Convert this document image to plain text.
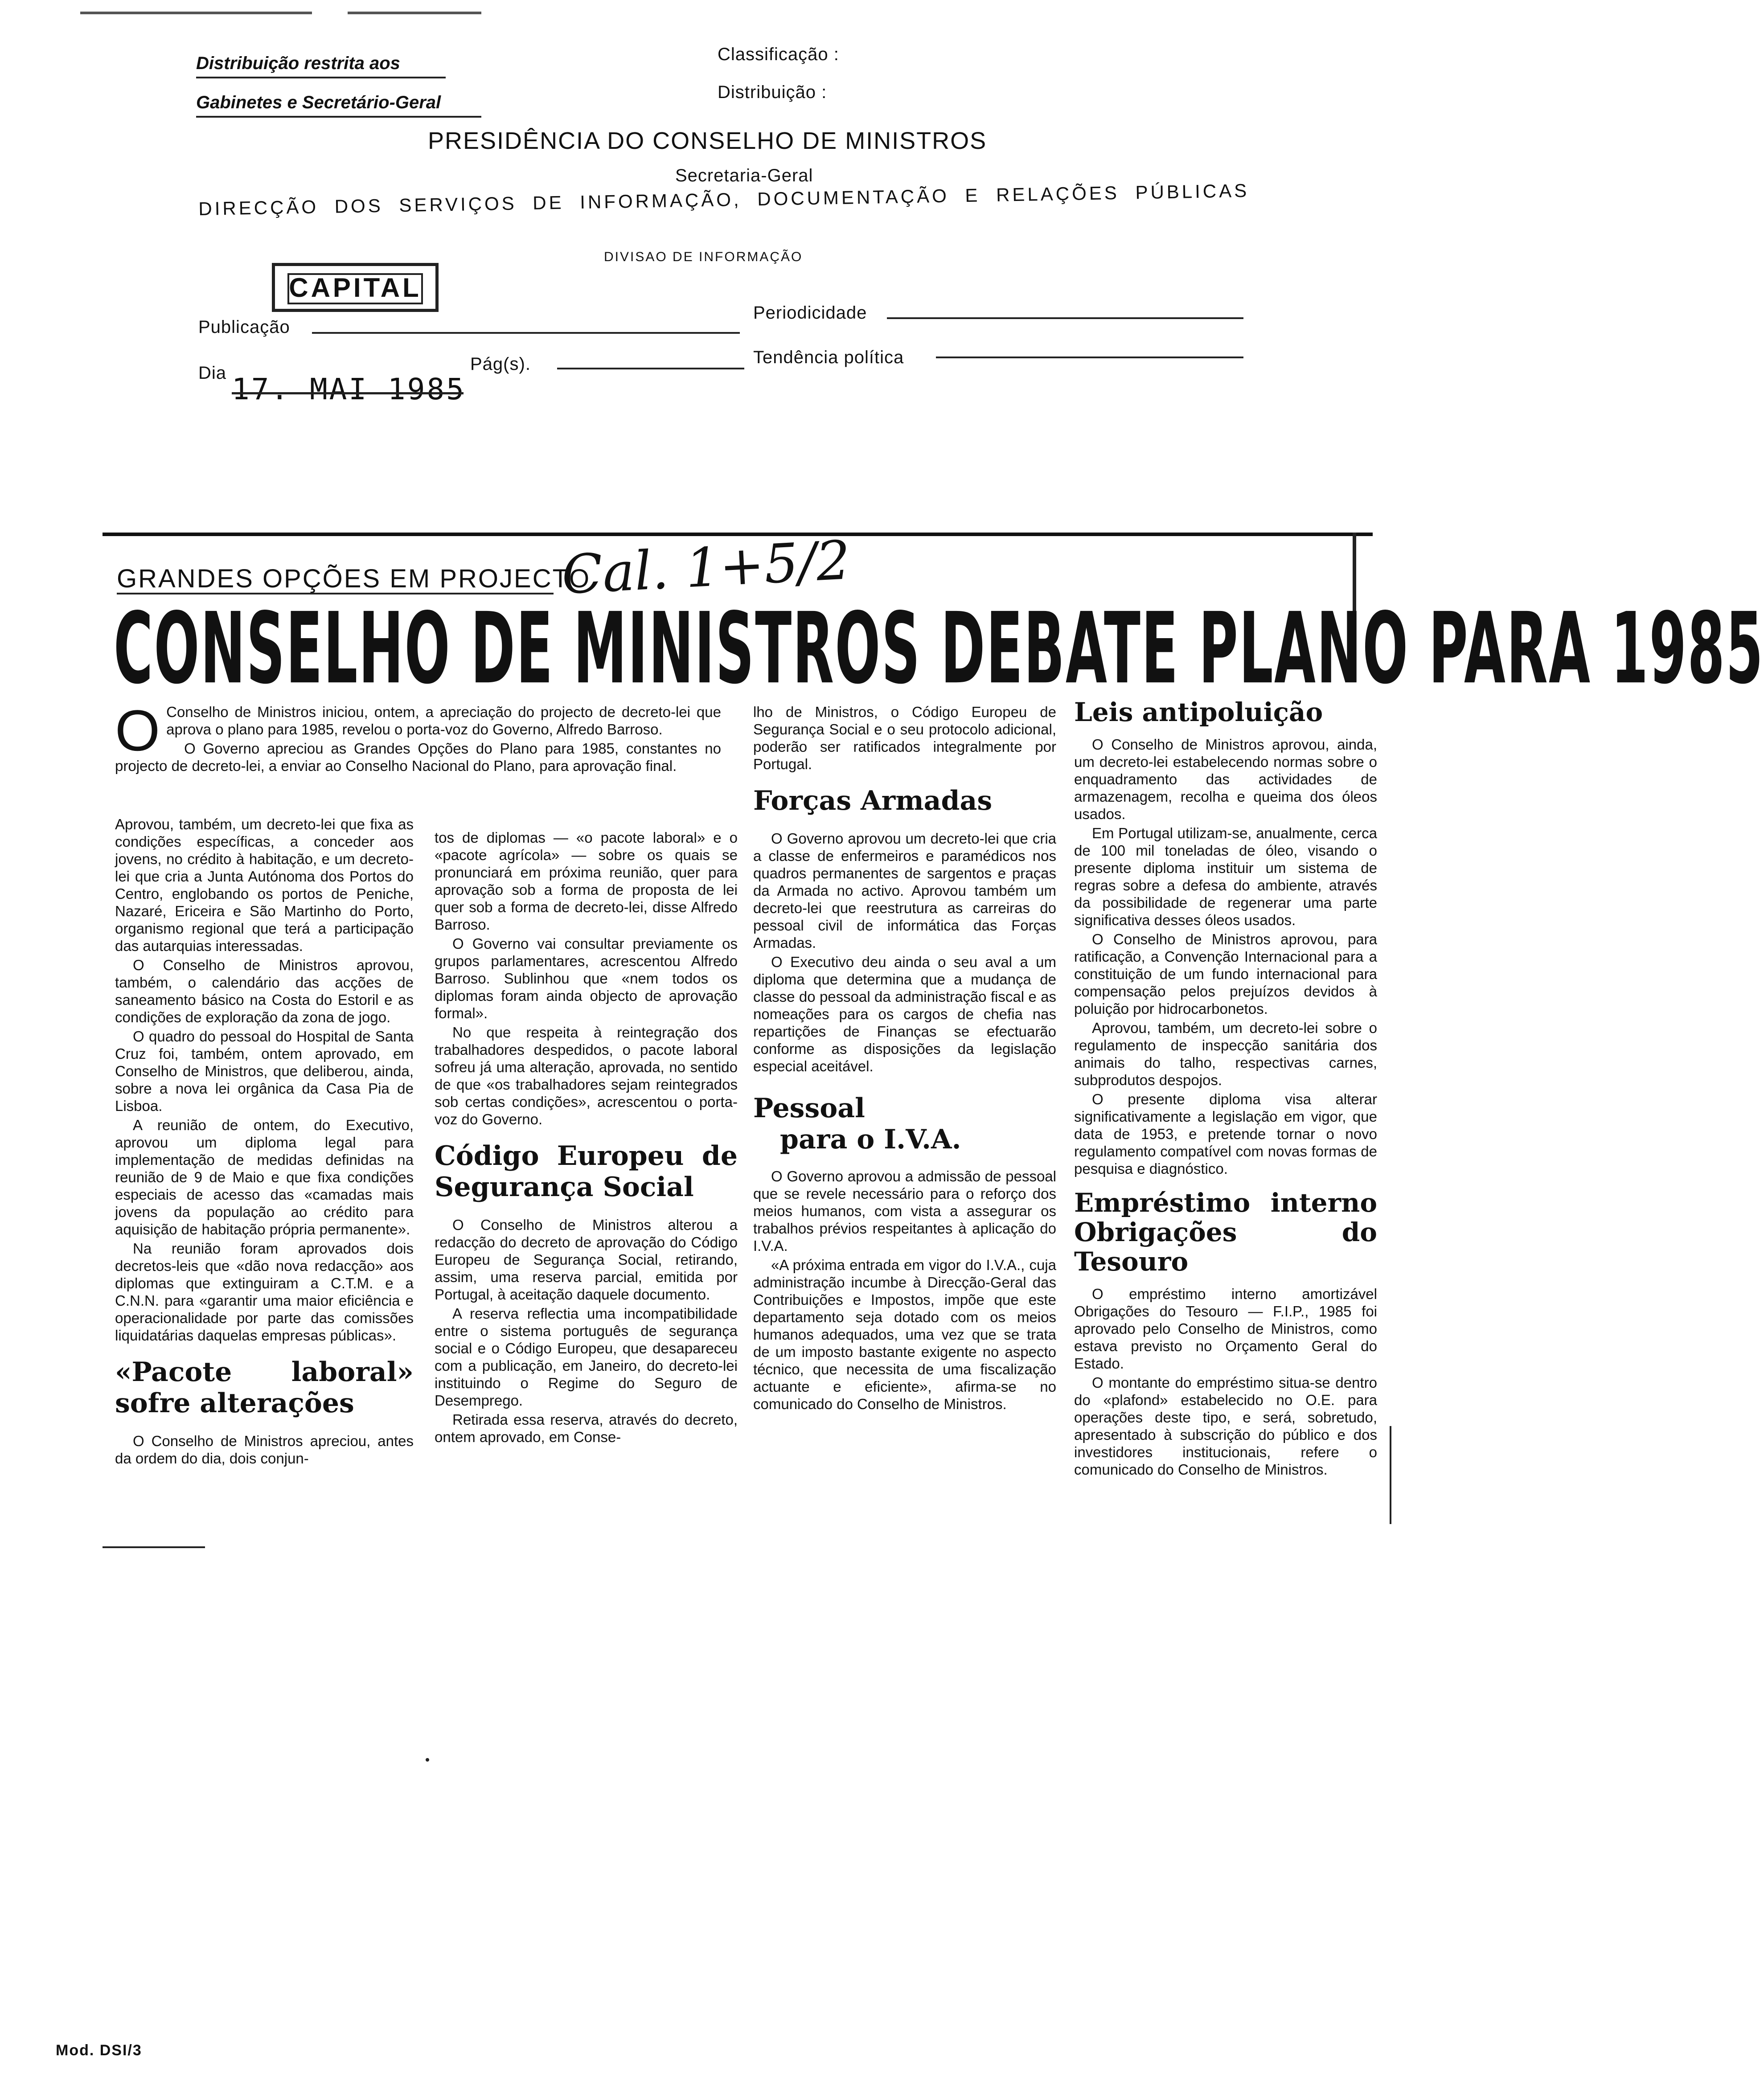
Distribuição restrita aos
Gabinetes e Secretário-Geral
Classificação :
Distribuição :
PRESIDÊNCIA DO CONSELHO DE MINISTROS
Secretaria-Geral
DIRECÇÃO DOS SERVIÇOS DE INFORMAÇÃO, DOCUMENTAÇÃO E RELAÇÕES PÚBLICAS
DIVISAO DE INFORMAÇÃO
CAPITAL
Publicação
Periodicidade
Dia 17. MAI 1985
Pág(s).	Tendência política
GRANDES OPÇÕES EM PROJECTO
Cal. 1+5/2
CONSELHO DE MINISTROS DEBATE PLANO PARA 1985

O Conselho de Ministros iniciou, ontem, a apreciação do projecto de decreto-lei que aprova o plano para 1985, revelou o porta-voz do Governo, Alfredo Barroso.

O Governo apreciou as Grandes Opções do Plano para 1985, constantes no projecto de decreto-lei, a enviar ao Conselho Nacional do Plano, para aprovação final.

Aprovou, também, um decreto-lei que fixa as condições específicas, a conceder aos jovens, no crédito à habitação, e um decreto-lei que cria a Junta Autónoma dos Portos do Centro, englobando os portos de Peniche, Nazaré, Ericeira e São Martinho do Porto, organismo regional que terá a participação das autarquias interessadas.

O Conselho de Ministros aprovou, também, o calendário das acções de saneamento básico na Costa do Estoril e as condições de exploração da zona de jogo.

O quadro do pessoal do Hospital de Santa Cruz foi, também, ontem aprovado, em Conselho de Ministros, que deliberou, ainda, sobre a nova lei orgânica da Casa Pia de Lisboa.

A reunião de ontem, do Executivo, aprovou um diploma legal para implementação de medidas definidas na reunião de 9 de Maio e que fixa condições especiais de acesso das «camadas mais jovens da população ao crédito para aquisição de habitação própria permanente».

Na reunião foram aprovados dois decretos-leis que «dão nova redacção» aos diplomas que extinguiram a C.T.M. e a C.N.N. para «garantir uma maior eficiência e operacionalidade por parte das comissões liquidatárias daquelas empresas públicas».

«Pacote laboral» sofre alterações

O Conselho de Ministros apreciou, antes da ordem do dia, dois conjun-

tos de diplomas — «o pacote laboral» e o «pacote agrícola» — sobre os quais se pronunciará em próxima reunião, quer para aprovação sob a forma de proposta de lei quer sob a forma de decreto-lei, disse Alfredo Barroso.

O Governo vai consultar previamente os grupos parlamentares, acrescentou Alfredo Barroso. Sublinhou que «nem todos os diplomas foram ainda objecto de aprovação formal».

No que respeita à reintegração dos trabalhadores despedidos, o pacote laboral sofreu já uma alteração, aprovada, no sentido de que «os trabalhadores sejam reintegrados sob certas condições», acrescentou o porta-voz do Governo.

Código Europeu de Segurança Social

O Conselho de Ministros alterou a redacção do decreto de aprovação do Código Europeu de Segurança Social, retirando, assim, uma reserva parcial, emitida por Portugal, à aceitação daquele documento.

A reserva reflectia uma incompatibilidade entre o sistema português de segurança social e o Código Europeu, que desapareceu com a publicação, em Janeiro, do decreto-lei instituindo o Regime do Seguro de Desemprego.

Retirada essa reserva, através do decreto, ontem aprovado, em Conse-

lho de Ministros, o Código Europeu de Segurança Social e o seu protocolo adicional, poderão ser ratificados integralmente por Portugal.

Forças Armadas

O Governo aprovou um decreto-lei que cria a classe de enfermeiros e paramédicos nos quadros permanentes de sargentos e praças da Armada no activo. Aprovou também um decreto-lei que reestrutura as carreiras do pessoal civil de informática das Forças Armadas.

O Executivo deu ainda o seu aval a um diploma que determina que a mudança de classe do pessoal da administração fiscal e as nomeações para os cargos de chefia nas repartições de Finanças se efectuarão conforme as disposições da legislação especial aceitável.

Pessoal
para o I.V.A.

O Governo aprovou a admissão de pessoal que se revele necessário para o reforço dos meios humanos, com vista a assegurar os trabalhos prévios respeitantes à aplicação do I.V.A.

«A próxima entrada em vigor do I.V.A., cuja administração incumbe à Direcção-Geral das Contribuições e Impostos, impõe que este departamento seja dotado com os meios humanos adequados, uma vez que se trata de um imposto bastante exigente no aspecto técnico, que necessita de uma fiscalização actuante e eficiente», afirma-se no comunicado do Conselho de Ministros.

Leis antipoluição

O Conselho de Ministros aprovou, ainda, um decreto-lei estabelecendo normas sobre o enquadramento das actividades de armazenagem, recolha e queima dos óleos usados.

Em Portugal utilizam-se, anualmente, cerca de 100 mil toneladas de óleo, visando o presente diploma instituir um sistema de regras sobre a defesa do ambiente, através da possibilidade de regenerar uma parte significativa desses óleos usados.

O Conselho de Ministros aprovou, para ratificação, a Convenção Internacional para a constituição de um fundo internacional para compensação pelos prejuízos devidos à poluição por hidrocarbonetos.

Aprovou, também, um decreto-lei sobre o regulamento de inspecção sanitária dos animais do talho, respectivas carnes, subprodutos despojos.

O presente diploma visa alterar significativamente a legislação em vigor, que data de 1953, e pretende tornar o novo regulamento compatível com novas formas de pesquisa e diagnóstico.

Empréstimo interno Obrigações do Tesouro

O empréstimo interno amortizável Obrigações do Tesouro — F.I.P., 1985 foi aprovado pelo Conselho de Ministros, como estava previsto no Orçamento Geral do Estado.

O montante do empréstimo situa-se dentro do «plafond» estabelecido no O.E. para operações deste tipo, e será, sobretudo, apresentado à subscrição do público e dos investidores institucionais, refere o comunicado do Conselho de Ministros.

Mod. DSI/3
